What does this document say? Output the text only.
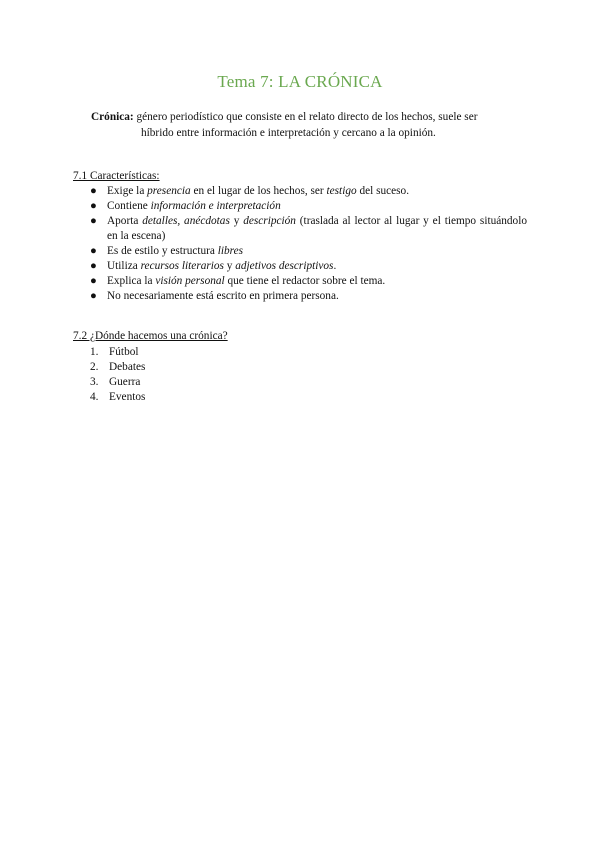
Tema 7: LA CRÓNICA
Crónica: género periodístico que consiste en el relato directo de los hechos, suele ser
híbrido entre información e interpretación y cercano a la opinión.
7.1 Características:
● Exige la presencia en el lugar de los hechos, ser testigo del suceso.
● Contiene información e interpretación
● Aporta detalles, anécdotas y descripción (traslada al lector al lugar y el tiempo situándolo en la escena)
● Es de estilo y estructura libres
● Utiliza recursos literarios y adjetivos descriptivos.
● Explica la visión personal que tiene el redactor sobre el tema.
● No necesariamente está escrito en primera persona.
7.2 ¿Dónde hacemos una crónica?
1. Fútbol
2. Debates
3. Guerra
4. Eventos
